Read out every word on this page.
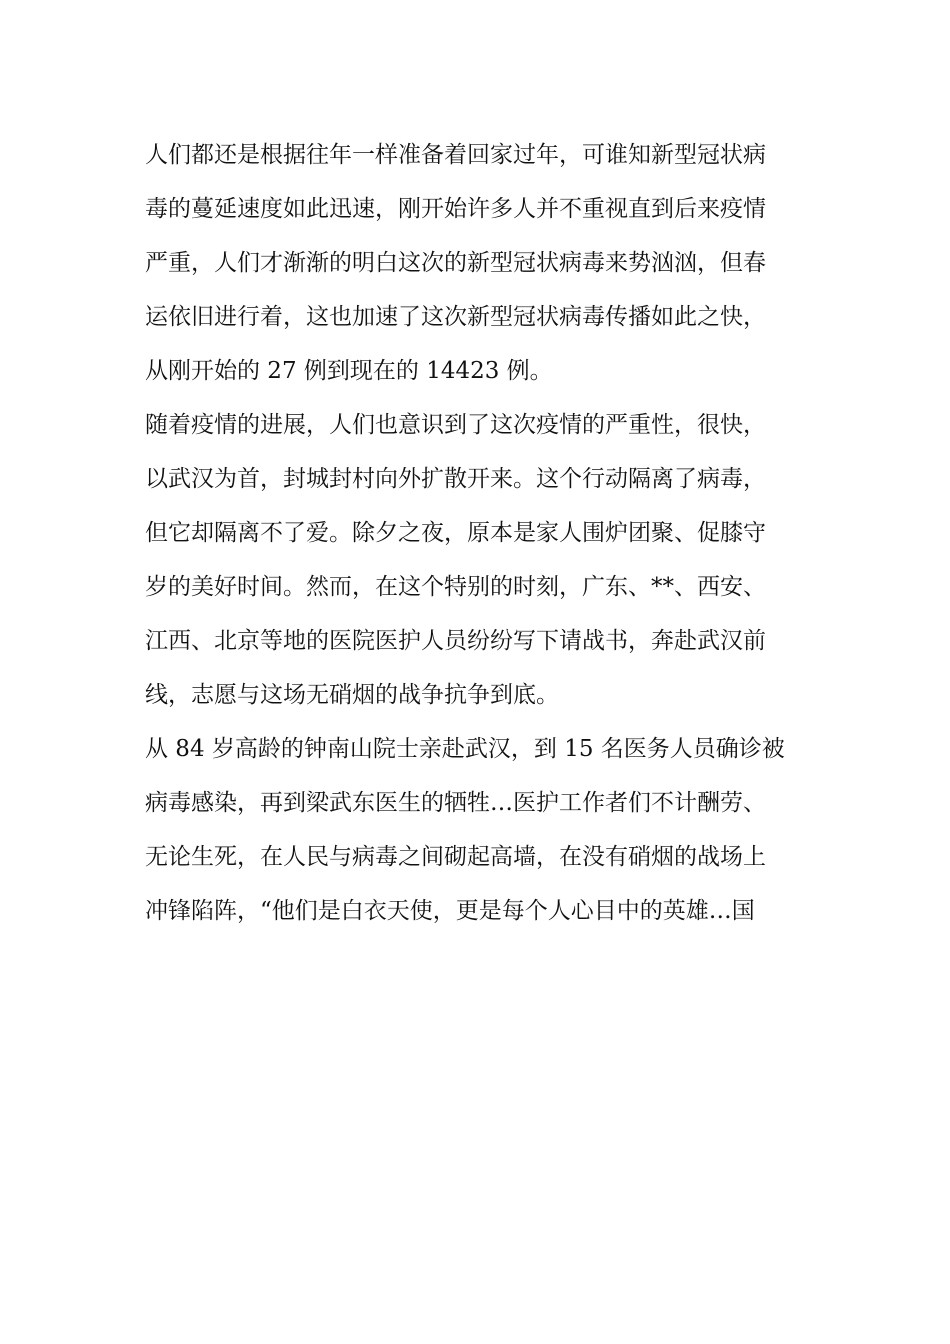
人们都还是根据往年一样准备着回家过年，可谁知新型冠状病
毒的蔓延速度如此迅速，刚开始许多人并不重视直到后来疫情
严重，人们才渐渐的明白这次的新型冠状病毒来势汹汹，但春
运依旧进行着，这也加速了这次新型冠状病毒传播如此之快，
从刚开始的 27 例到现在的 14423 例。
随着疫情的进展，人们也意识到了这次疫情的严重性，很快，
以武汉为首，封城封村向外扩散开来。这个行动隔离了病毒，
但它却隔离不了爱。除夕之夜，原本是家人围炉团聚、促膝守
岁的美好时间。然而，在这个特别的时刻，广东、**、西安、
江西、北京等地的医院医护人员纷纷写下请战书，奔赴武汉前
线，志愿与这场无硝烟的战争抗争到底。
从 84 岁高龄的钟南山院士亲赴武汉，到 15 名医务人员确诊被
病毒感染，再到梁武东医生的牺牲…医护工作者们不计酬劳、
无论生死，在人民与病毒之间砌起高墙，在没有硝烟的战场上
冲锋陷阵，“他们是白衣天使，更是每个人心目中的英雄…国
